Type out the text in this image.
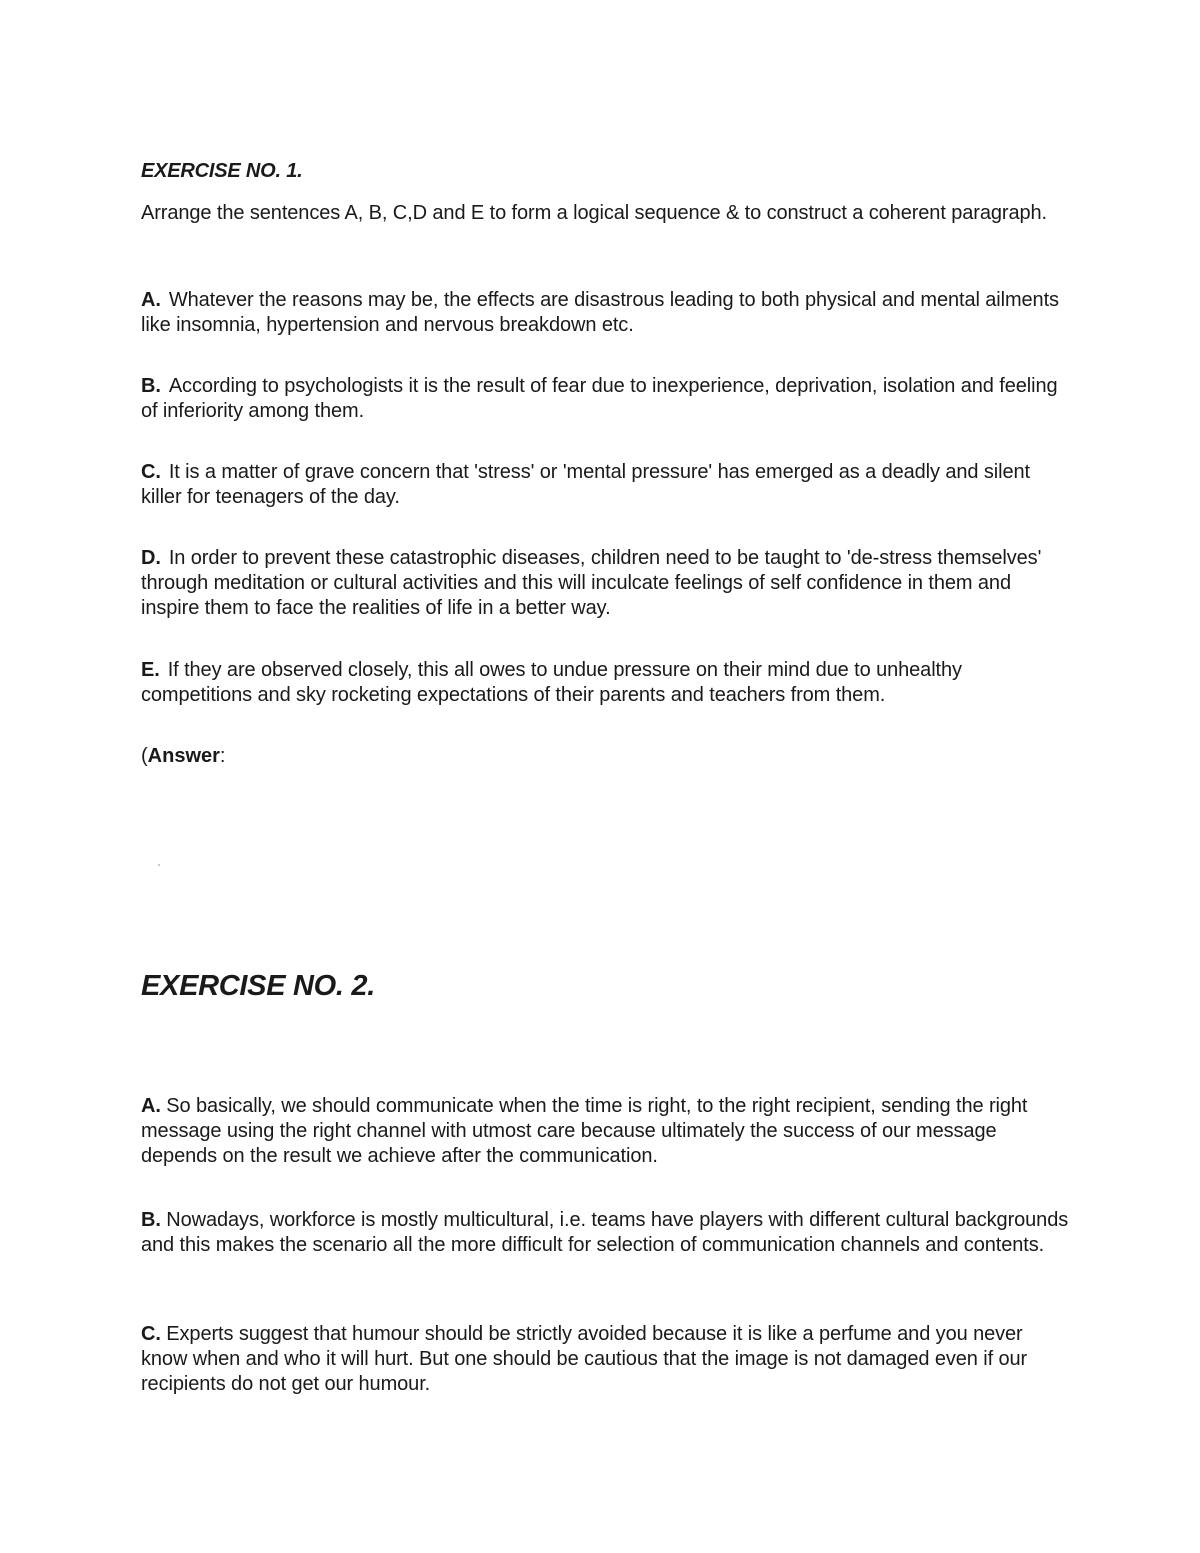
EXERCISE NO. 1.
Arrange the sentences A, B, C,D and E to form a logical sequence & to construct a coherent paragraph.
A. Whatever the reasons may be, the effects are disastrous leading to both physical and mental ailments like insomnia, hypertension and nervous breakdown etc.
B. According to psychologists it is the result of fear due to inexperience, deprivation, isolation and feeling of inferiority among them.
C. It is a matter of grave concern that 'stress' or 'mental pressure' has emerged as a deadly and silent killer for teenagers of the day.
D. In order to prevent these catastrophic diseases, children need to be taught to 'de-stress themselves' through meditation or cultural activities and this will inculcate feelings of self confidence in them and inspire them to face the realities of life in a better way.
E. If they are observed closely, this all owes to undue pressure on their mind due to unhealthy competitions and sky rocketing expectations of their parents and teachers from them.
(Answer:
EXERCISE NO. 2.
A. So basically, we should communicate when the time is right, to the right recipient, sending the right message using the right channel with utmost care because ultimately the success of our message depends on the result we achieve after the communication.
B. Nowadays, workforce is mostly multicultural, i.e. teams have players with different cultural backgrounds and this makes the scenario all the more difficult for selection of communication channels and contents.
C. Experts suggest that humour should be strictly avoided because it is like a perfume and you never know when and who it will hurt. But one should be cautious that the image is not damaged even if our recipients do not get our humour.
